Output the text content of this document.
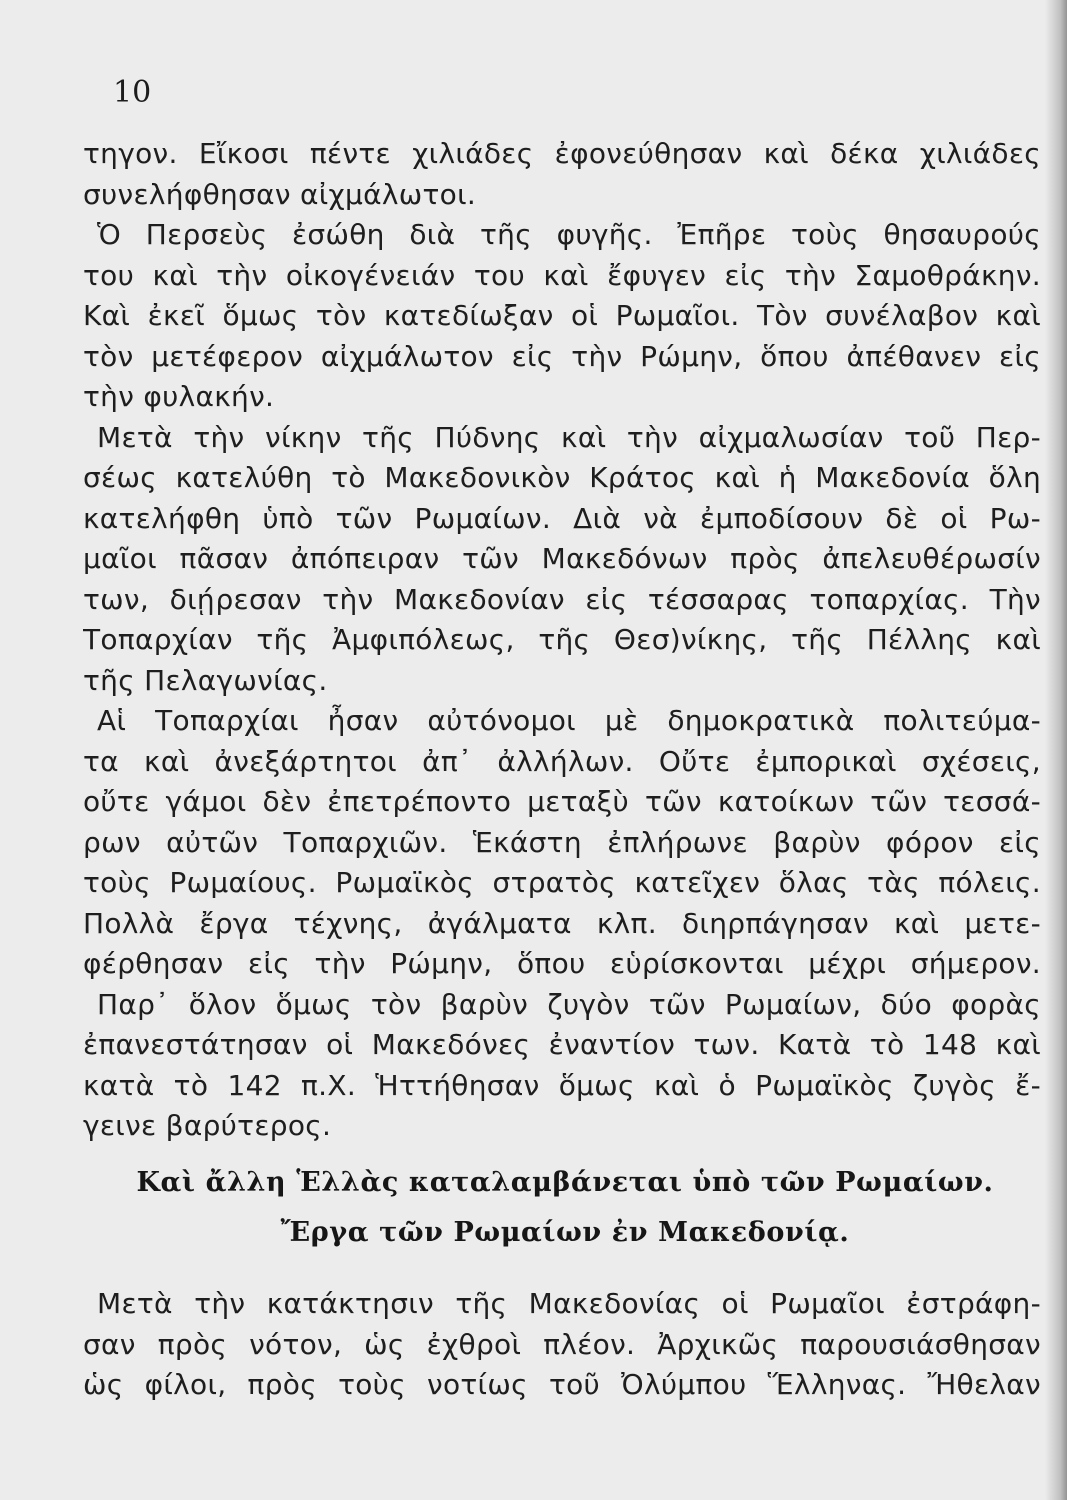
10

τηγον. Εἴκοσι πέντε χιλιάδες ἐφονεύθησαν καὶ δέκα χιλιάδες
συνελήφθησαν αἰχμάλωτοι.
Ὁ Περσεὺς ἐσώθη διὰ τῆς φυγῆς. Ἐπῆρε τοὺς θησαυρούς
του καὶ τὴν οἰκογένειάν του καὶ ἔφυγεν εἰς τὴν Σαμοθράκην.
Καὶ ἐκεῖ ὅμως τὸν κατεδίωξαν οἱ Ρωμαῖοι. Τὸν συνέλαβον καὶ
τὸν μετέφερον αἰχμάλωτον εἰς τὴν Ρώμην, ὅπου ἀπέθανεν εἰς
τὴν φυλακήν.
Μετὰ τὴν νίκην τῆς Πύδνης καὶ τὴν αἰχμαλωσίαν τοῦ Περ-
σέως κατελύθη τὸ Μακεδονικὸν Κράτος καὶ ἡ Μακεδονία ὅλη
κατελήφθη ὑπὸ τῶν Ρωμαίων. Διὰ νὰ ἐμποδίσουν δὲ οἱ Ρω-
μαῖοι πᾶσαν ἀπόπειραν τῶν Μακεδόνων πρὸς ἀπελευθέρωσίν
των, διῄρεσαν τὴν Μακεδονίαν εἰς τέσσαρας τοπαρχίας. Τὴν
Τοπαρχίαν τῆς Ἀμφιπόλεως, τῆς Θεσ)νίκης, τῆς Πέλλης καὶ
τῆς Πελαγωνίας.
Αἱ Τοπαρχίαι ἦσαν αὐτόνομοι μὲ δημοκρατικὰ πολιτεύμα-
τα καὶ ἀνεξάρτητοι ἀπ᾽ ἀλλήλων. Οὔτε ἐμπορικαὶ σχέσεις,
οὔτε γάμοι δὲν ἐπετρέποντο μεταξὺ τῶν κατοίκων τῶν τεσσά-
ρων αὐτῶν Τοπαρχιῶν. Ἑκάστη ἐπλήρωνε βαρὺν φόρον εἰς
τοὺς Ρωμαίους. Ρωμαϊκὸς στρατὸς κατεῖχεν ὅλας τὰς πόλεις.
Πολλὰ ἔργα τέχνης, ἀγάλματα κλπ. διηρπάγησαν καὶ μετε-
φέρθησαν εἰς τὴν Ρώμην, ὅπου εὑρίσκονται μέχρι σήμερον.
Παρ᾽ ὅλον ὅμως τὸν βαρὺν ζυγὸν τῶν Ρωμαίων, δύο φορὰς
ἐπανεστάτησαν οἱ Μακεδόνες ἐναντίον των. Κατὰ τὸ 148 καὶ
κατὰ τὸ 142 π.Χ. Ἡττήθησαν ὅμως καὶ ὁ Ρωμαϊκὸς ζυγὸς ἔ-
γεινε βαρύτερος.
Καὶ ἄλλη Ἑλλὰς καταλαμβάνεται ὑπὸ τῶν Ρωμαίων.
Ἔργα τῶν Ρωμαίων ἐν Μακεδονίᾳ.
Μετὰ τὴν κατάκτησιν τῆς Μακεδονίας οἱ Ρωμαῖοι ἐστράφη-
σαν πρὸς νότον, ὡς ἐχθροὶ πλέον. Ἀρχικῶς παρουσιάσθησαν
ὡς φίλοι, πρὸς τοὺς νοτίως τοῦ Ὀλύμπου Ἕλληνας. Ἤθελαν
